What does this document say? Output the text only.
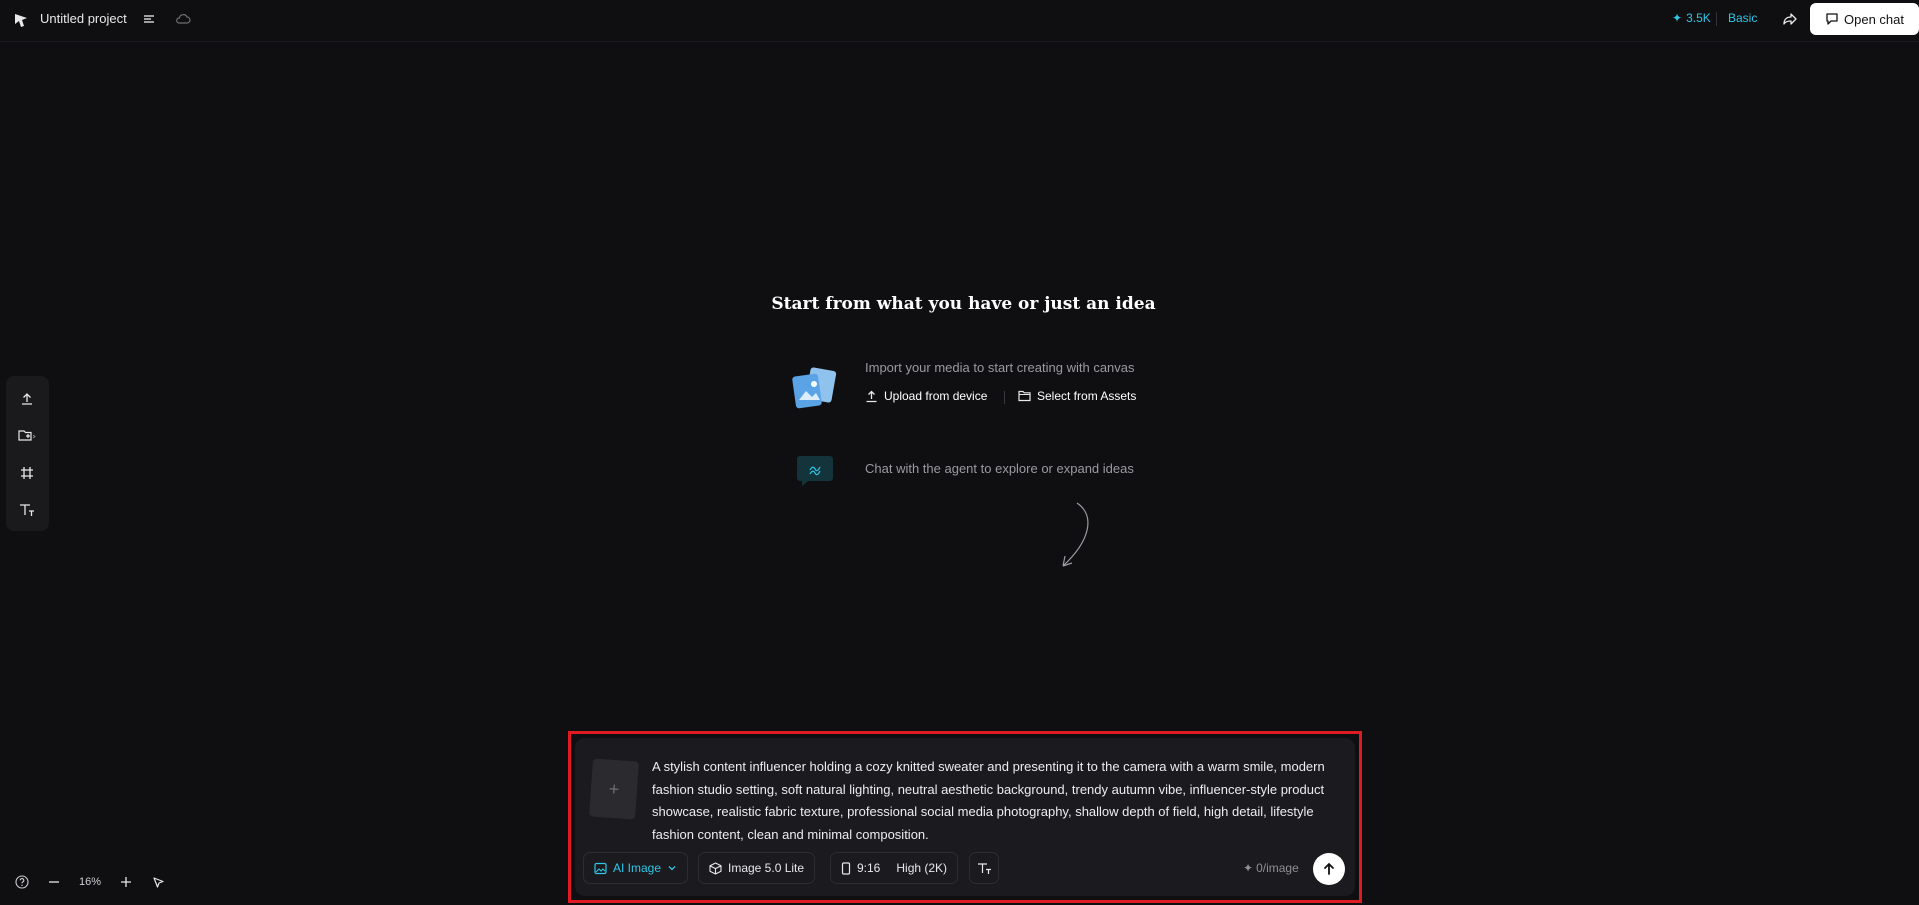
Untitled project	✦ 3.5K Basic	Open chat
Start from what you have or just an idea
Import your media to start creating with canvas
Upload from device	Select from Assets
Chat with the agent to explore or expand ideas
16%
+
A stylish content influencer holding a cozy knitted sweater and presenting it to the camera with a warm smile, modern fashion studio setting, soft natural lighting, neutral aesthetic background, trendy autumn vibe, influencer-style product showcase, realistic fabric texture, professional social media photography, shallow depth of field, high detail, lifestyle fashion content, clean and minimal composition.
AI Image	Image 5.0 Lite	9:16 High (2K)	✦ 0/image
